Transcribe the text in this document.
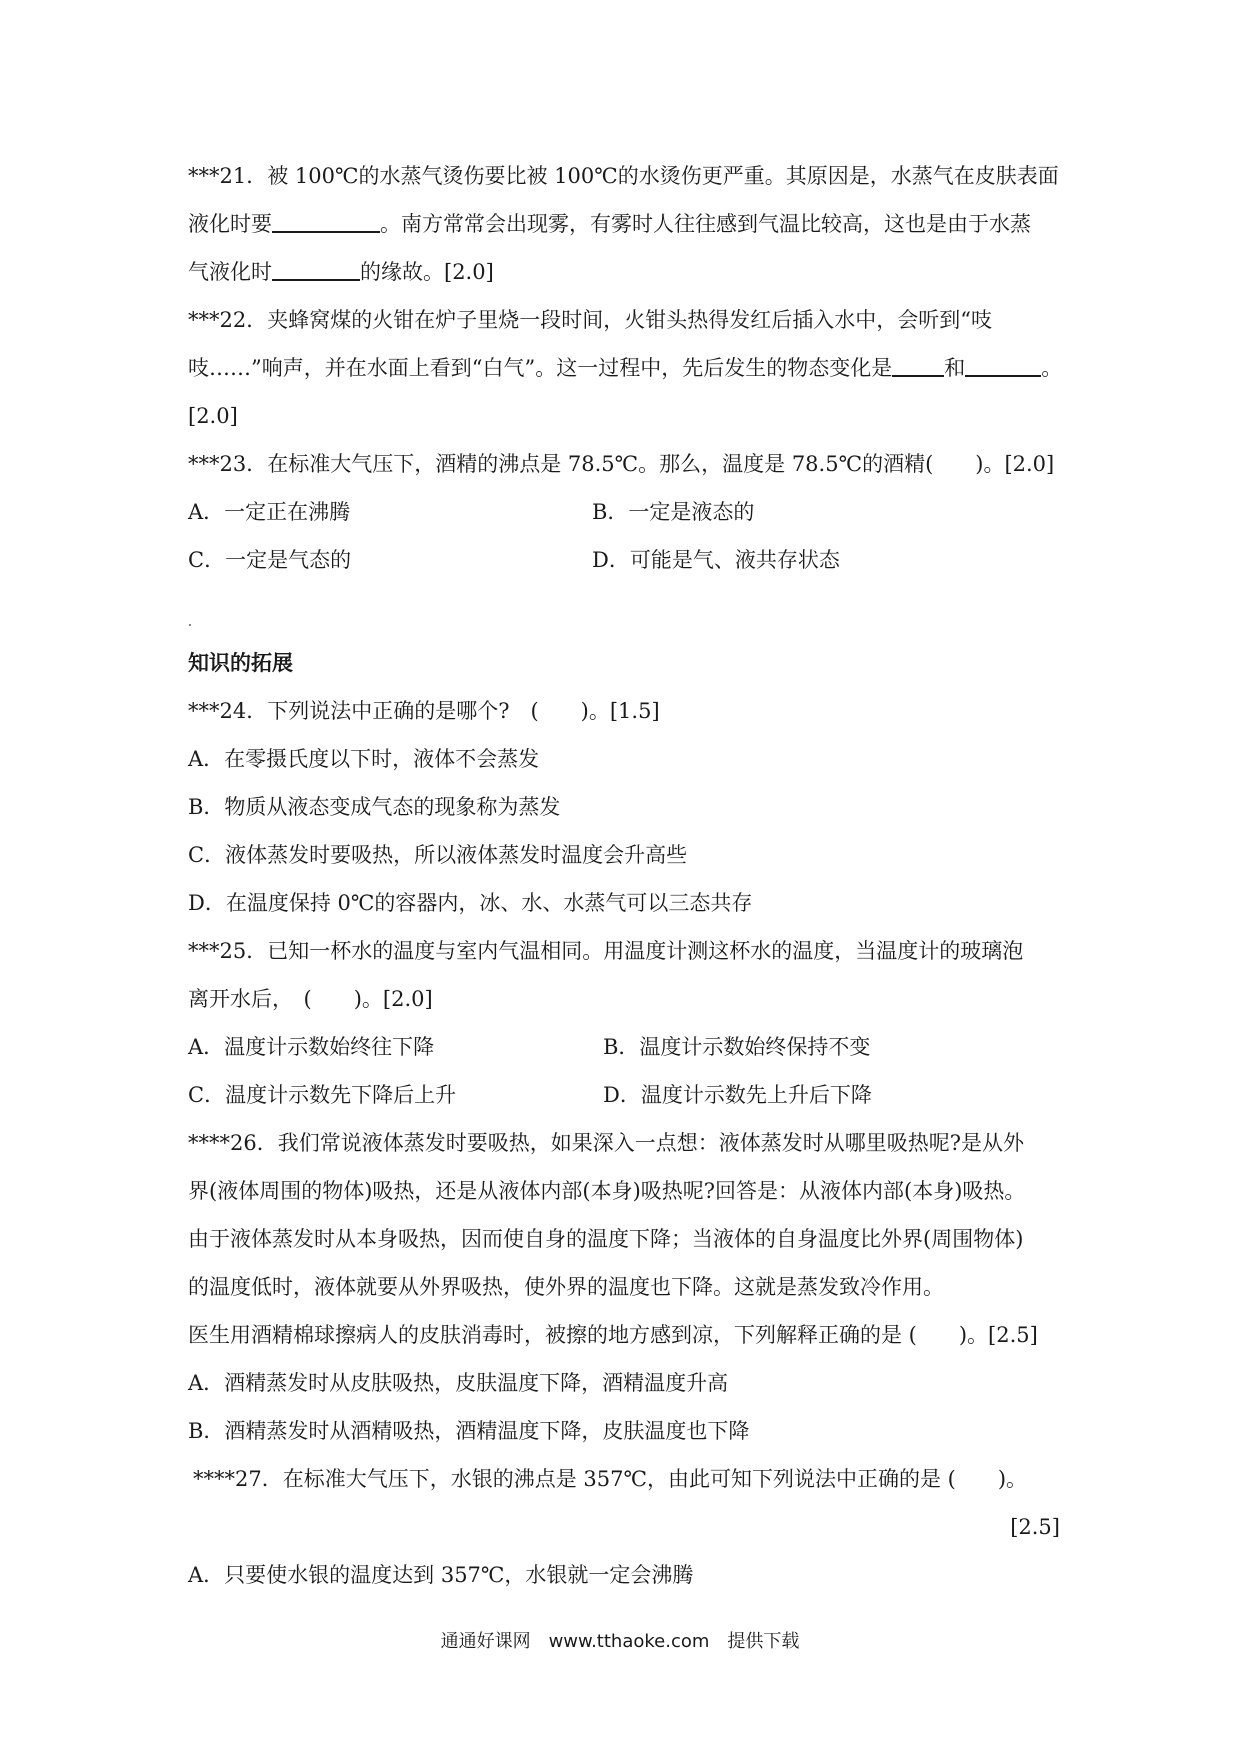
***21．被 100℃的水蒸气烫伤要比被 100℃的水烫伤更严重。其原因是，水蒸气在皮肤表面
液化时要	。南方常常会出现雾，有雾时人往往感到气温比较高，这也是由于水蒸
气液化时	的缘故。[2.0]
***22．夹蜂窝煤的火钳在炉子里烧一段时间，火钳头热得发红后插入水中，会听到“吱
吱……”响声，并在水面上看到“白气”。这一过程中，先后发生的物态变化是 和	。
[2.0]
***23．在标准大气压下，酒精的沸点是 78.5℃。那么，温度是 78.5℃的酒精(　　)。[2.0]
A．一定正在沸腾	B．一定是液态的
C．一定是气态的	D．可能是气、液共存状态
知识的拓展
***24．下列说法中正确的是哪个?　(　　)。[1.5]
A．在零摄氏度以下时，液体不会蒸发
B．物质从液态变成气态的现象称为蒸发
C．液体蒸发时要吸热，所以液体蒸发时温度会升高些
D．在温度保持 0℃的容器内，冰、水、水蒸气可以三态共存
***25．已知一杯水的温度与室内气温相同。用温度计测这杯水的温度，当温度计的玻璃泡
离开水后，　(　　)。[2.0]
A．温度计示数始终往下降	B．温度计示数始终保持不变
C．温度计示数先下降后上升	D．温度计示数先上升后下降
****26．我们常说液体蒸发时要吸热，如果深入一点想：液体蒸发时从哪里吸热呢?是从外
界(液体周围的物体)吸热，还是从液体内部(本身)吸热呢?回答是：从液体内部(本身)吸热。
由于液体蒸发时从本身吸热，因而使自身的温度下降；当液体的自身温度比外界(周围物体)
的温度低时，液体就要从外界吸热，使外界的温度也下降。这就是蒸发致冷作用。
医生用酒精棉球擦病人的皮肤消毒时，被擦的地方感到凉，下列解释正确的是 (　　)。[2.5]
A．酒精蒸发时从皮肤吸热，皮肤温度下降，酒精温度升高
B．酒精蒸发时从酒精吸热，酒精温度下降，皮肤温度也下降
****27．在标准大气压下，水银的沸点是 357℃，由此可知下列说法中正确的是 (　　)。
[2.5]
A．只要使水银的温度达到 357℃，水银就一定会沸腾
通通好课网　www.tthaoke.com　提供下载
